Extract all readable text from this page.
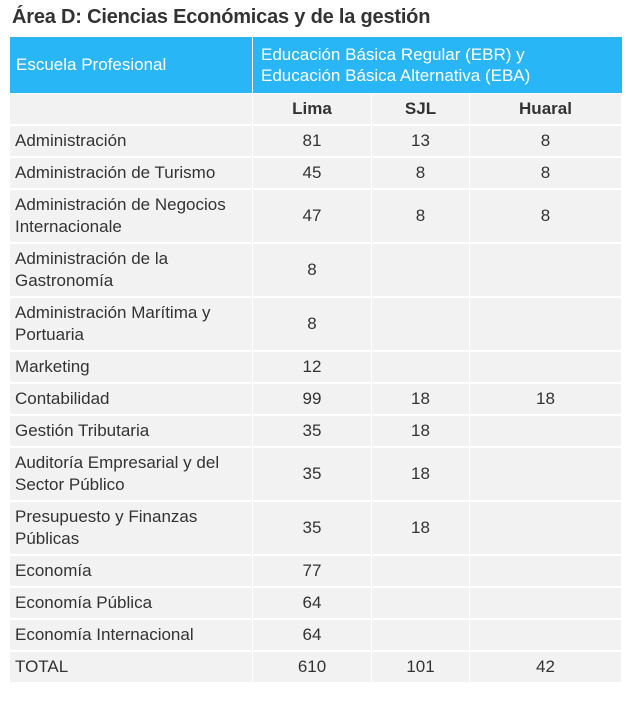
Área D: Ciencias Económicas y de la gestión
Escuela Profesional	Educación Básica Regular (EBR) y
Educación Básica Alternativa (EBA)		
	Lima	SJL	Huaral
Administración	81	13	8
Administración de Turismo	45	8	8
Administración de Negocios
Internacionale	47	8	8
Administración de la
Gastronomía	8		
Administración Marítima y
Portuaria	8		
Marketing	12		
Contabilidad	99	18	18
Gestión Tributaria	35	18	
Auditoría Empresarial y del
Sector Público	35	18	
Presupuesto y Finanzas
Públicas	35	18	
Economía	77		
Economía Pública	64		
Economía Internacional	64		
TOTAL	610	101	42
